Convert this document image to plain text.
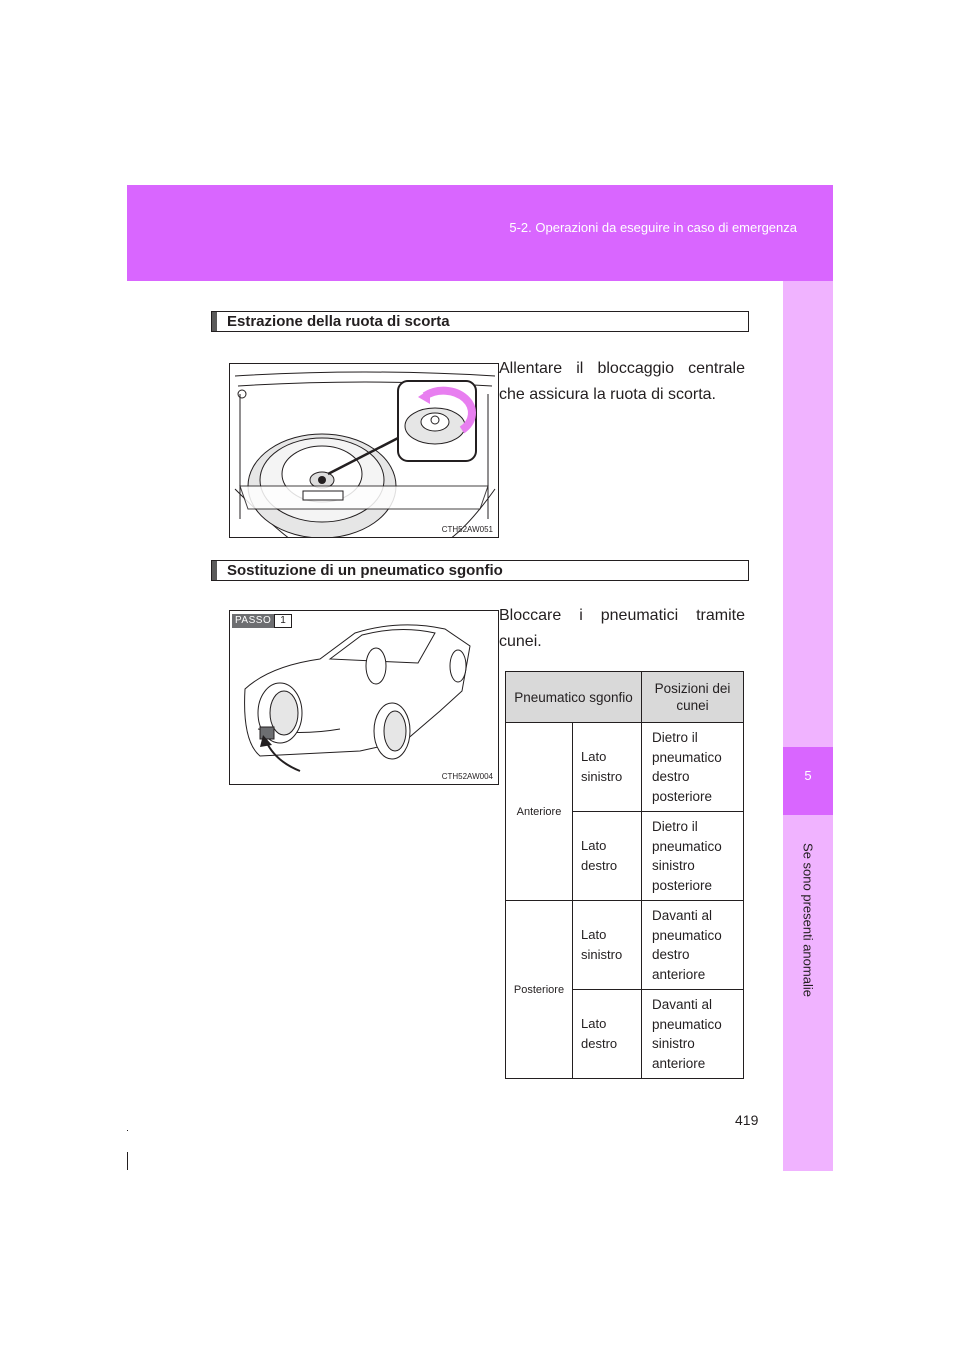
5-2. Operazioni da eseguire in caso di emergenza
5
Se sono presenti anomalie
Estrazione della ruota di scorta
CTH52AW051
Allentare il bloccaggio centrale che assicura la ruota di scorta.
Sostituzione di un pneumatico sgonfio
CTH52AW004
PASSO 1	Bloccare i pneumatici tramite cunei.
Pneumatico sgonfio		Posizioni dei cunei
Anteriore	Lato sinistro	Dietro il pneumatico destro posteriore
	Lato destro	Dietro il pneumatico sinistro posteriore
Posteriore	Lato sinistro	Davanti al pneumatico destro anteriore
	Lato destro	Davanti al pneumatico sinistro anteriore
419
